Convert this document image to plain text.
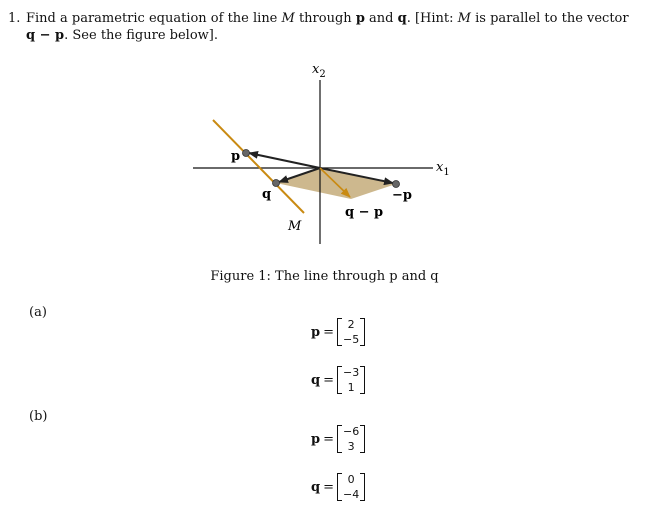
1. Find a parametric equation of the line M through p and q. [Hint: M is parallel to the vector q − p. See the figure below].
$x_2$
$x_1$
p
q	−p
q − p
M
Figure 1: The line through p and q
(a)
p = 2
−5
q = −3
1
(b)
p = −6
3
q = 0
−4
